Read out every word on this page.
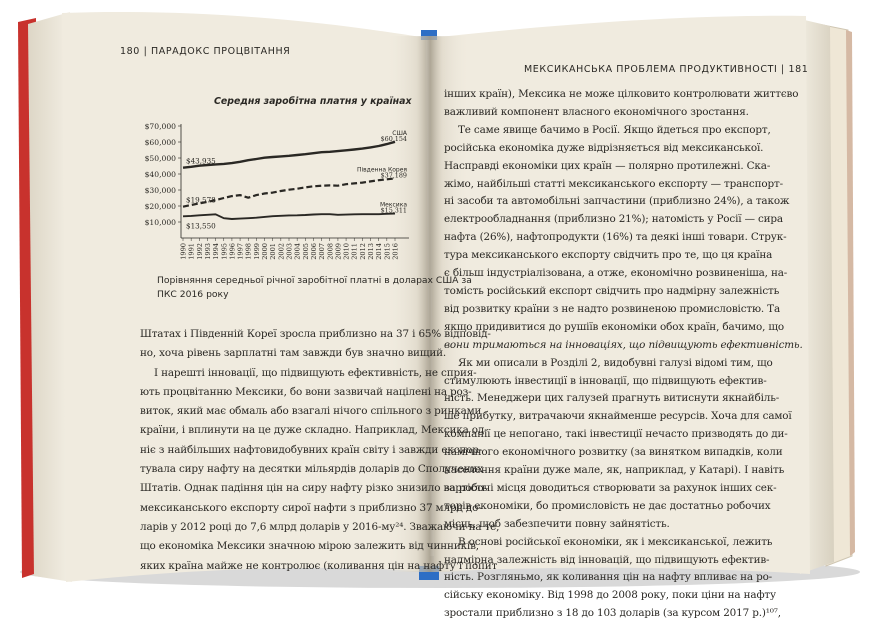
$10,000
$20,000
$30,000
$40,000
$50,000
$60,000
$70,000
1990 1991 1992 1993 1994 1995 1996 1997 1998 1999 2000 2001 2002 2003 2004 2005 2006 2007 2008 2009 2010 2011 2012 2013 2014 2015 2016
США
$60,154
$43,935
Південна Корея
$37,189
$19,578
Мексика
$15,311
$13,550
180 | ПАРАДОКС ПРОЦВІТАННЯ
МЕКСИКАНСЬКА ПРОБЛЕМА ПРОДУКТИВНОСТІ | 181
Середня заробітна платня у країнах
Порівняння середньої річної заробітної платні в доларах США за
ПКС 2016 року
Штатах і Південній Кореї зросла приблизно на 37 і 65% відповід-
но, хоча рівень зарплатні там завжди був значно вищий.
І нарешті інновації, що підвищують ефективність, не сприя-
ють процвітанню Мексики, бо вони зазвичай націлені на роз-
виток, який має обмаль або взагалі нічого спільного з ринками
країни, і вплинути на це дуже складно. Наприклад, Мексика од-
ніє з найбільших нафтовидобувних країн світу і завжди експор-
тувала сиру нафту на десятки мільярдів доларів до Сполучених
Штатів. Однак падіння цін на сиру нафту різко знизило вартість
мексиканського експорту сирої нафти з приблизно 37 млрд до-
ларів у 2012 році до 7,6 млрд доларів у 2016-му²⁴. Зважаючи на те,
що економіка Мексики значною мірою залежить від чинників,
яких країна майже не контролює (коливання цін на нафту і попит
інших країн), Мексика не може цілковито контролювати життєво
важливий компонент власного економічного зростання.
Те саме явище бачимо в Росії. Якщо йдеться про експорт,
російська економіка дуже відрізняється від мексиканської.
Насправді економіки цих країн — полярно протилежні. Ска-
жімо, найбільші статті мексиканського експорту — транспорт-
ні засоби та автомобільні запчастини (приблизно 24%), а також
електрообладнання (приблизно 21%); натомість у Росії — сира
нафта (26%), нафтопродукти (16%) та деякі інші товари. Струк-
тура мексиканського експорту свідчить про те, що ця країна
є більш індустріалізована, а отже, економічно розвиненіша, на-
томість російський експорт свідчить про надмірну залежність
від розвитку країни з не надто розвиненою промисловістю. Та
якщо придивитися до рушіїв економіки обох країн, бачимо, що
вони тримаються на інноваціях, що підвищують ефективність.
Як ми описали в Розділі 2, видобувні галузі відомі тим, що
стимулюють інвестиції в інновації, що підвищують ефектив-
ність. Менеджери цих галузей прагнуть витиснути якнайбіль-
ше прибутку, витрачаючи якнайменше ресурсів. Хоча для самої
компанії це непогано, такі інвестиції нечасто призводять до ди-
намічного економічного розвитку (за винятком випадків, коли
населення країни дуже мале, як, наприклад, у Катарі). І навіть
за робочі місця доводиться створювати за рахунок інших сек-
торів економіки, бо промисловість не дає достатньо робочих
місць, щоб забезпечити повну зайнятість.
В основі російської економіки, як і мексиканської, лежить
надмірна залежність від інновацій, що підвищують ефектив-
ність. Розгляньмо, як коливання цін на нафту впливає на ро-
сійську економіку. Від 1998 до 2008 року, поки ціни на нафту
зростали приблизно з 18 до 103 доларів (за курсом 2017 р.)¹⁰⁷,
